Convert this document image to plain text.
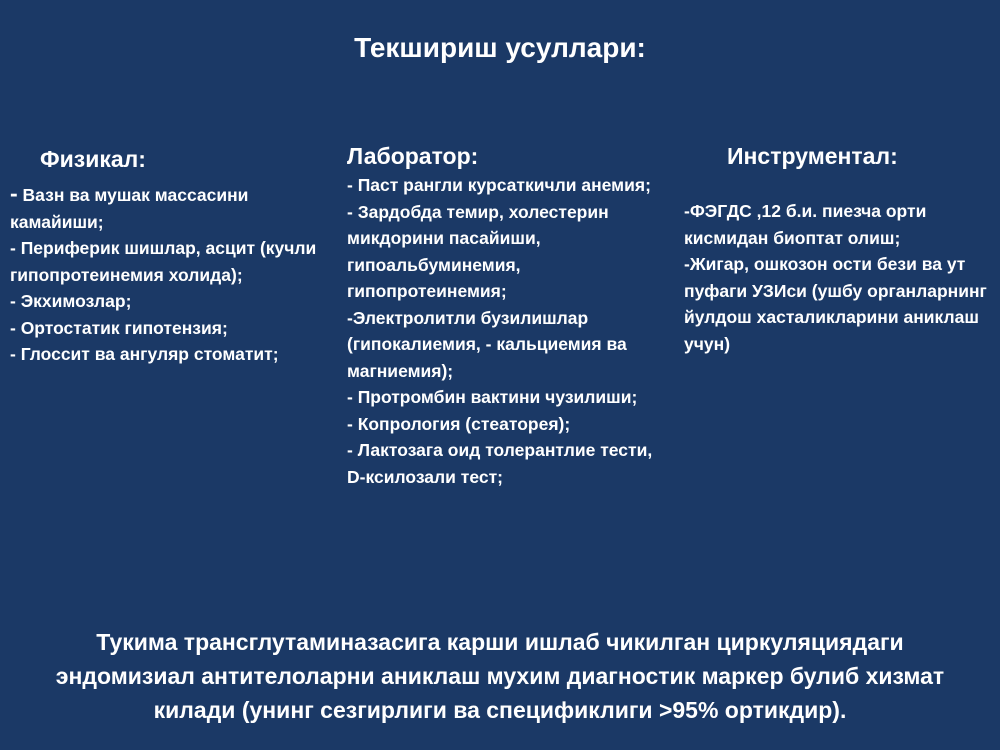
Текшириш усуллари:
Физикал:	Лаборатор:	Инструментал:
- Вазн ва мушак массасини камайиши;
- Периферик шишлар, асцит (кучли гипопротеинемия холида);
- Экхимозлар;
- Ортостатик гипотензия;
- Глоссит ва ангуляр стоматит;
- Паст рангли курсаткичли анемия;
- Зардобда темир, холестерин микдорини пасайиши, гипоальбуминемия, гипопротеинемия;
-Электролитли бузилишлар (гипокалиемия, - кальциемия ва магниемия);
- Протромбин вактини чузилиши;
- Копрология (стеаторея);
- Лактозага оид толерантлие тести, D-ксилозали тест;
-ФЭГДС ,12 б.и. пиезча орти кисмидан биоптат олиш;
-Жигар, ошкозон ости бези ва ут пуфаги УЗИси (ушбу органларнинг йулдош хасталикларини аниклаш учун)
Тукима трансглутаминазасига карши ишлаб чикилган циркуляциядаги эндомизиал антителоларни аниклаш мухим диагностик маркер булиб хизмат килади (унинг сезгирлиги ва спецификлиги >95% ортикдир).
